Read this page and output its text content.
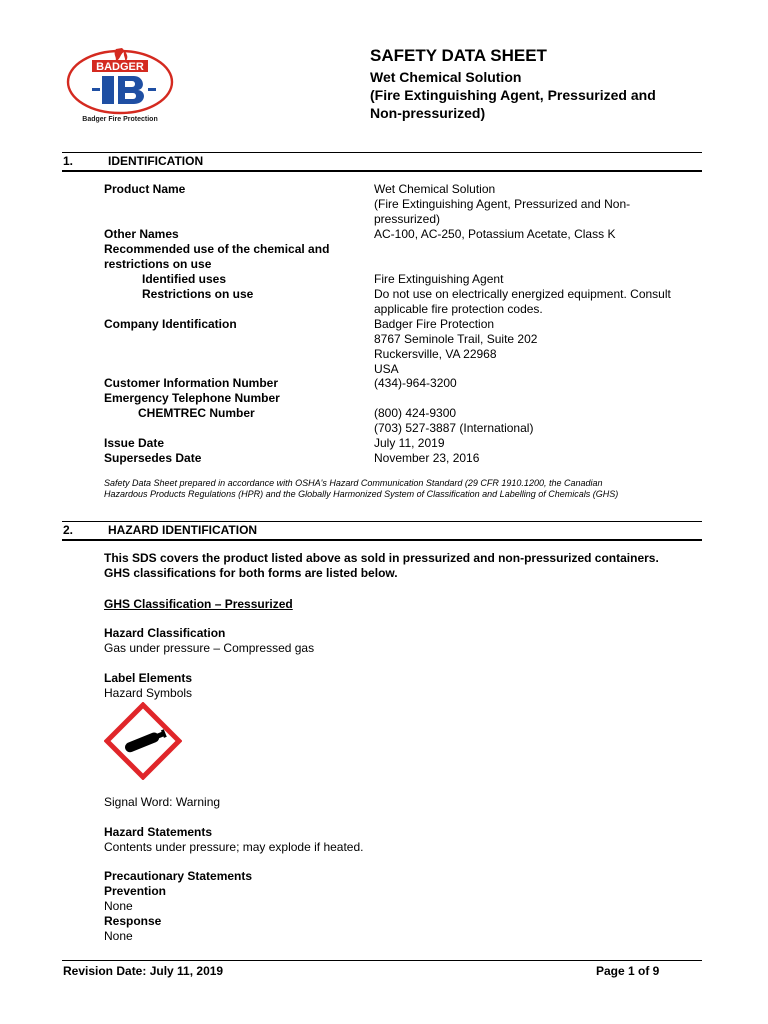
BADGER
Badger Fire Protection
SAFETY DATA SHEET
Wet Chemical Solution
(Fire Extinguishing Agent, Pressurized and
Non-pressurized)
1.	IDENTIFICATION
Product Name	Wet Chemical Solution
(Fire Extinguishing Agent, Pressurized and Non-
pressurized)
Other Names	AC-100, AC-250, Potassium Acetate, Class K
Recommended use of the chemical and
restrictions on use
Identified uses	Fire Extinguishing Agent
Restrictions on use	Do not use on electrically energized equipment. Consult
applicable fire protection codes.
Company Identification	Badger Fire Protection
8767 Seminole Trail, Suite 202
Ruckersville, VA 22968
USA
Customer Information Number	(434)-964-3200
Emergency Telephone Number
CHEMTREC Number	(800) 424-9300
(703) 527-3887 (International)
Issue Date	July 11, 2019
Supersedes Date	November 23, 2016
Safety Data Sheet prepared in accordance with OSHA's Hazard Communication Standard (29 CFR 1910.1200, the Canadian
Hazardous Products Regulations (HPR) and the Globally Harmonized System of Classification and Labelling of Chemicals (GHS)
2.	HAZARD IDENTIFICATION
This SDS covers the product listed above as sold in pressurized and non-pressurized containers.
GHS classifications for both forms are listed below.
GHS Classification – Pressurized
Hazard Classification
Gas under pressure – Compressed gas
Label Elements
Hazard Symbols
Signal Word: Warning
Hazard Statements
Contents under pressure; may explode if heated.
Precautionary Statements
Prevention
None
Response
None
Revision Date: July 11, 2019	Page 1 of 9
